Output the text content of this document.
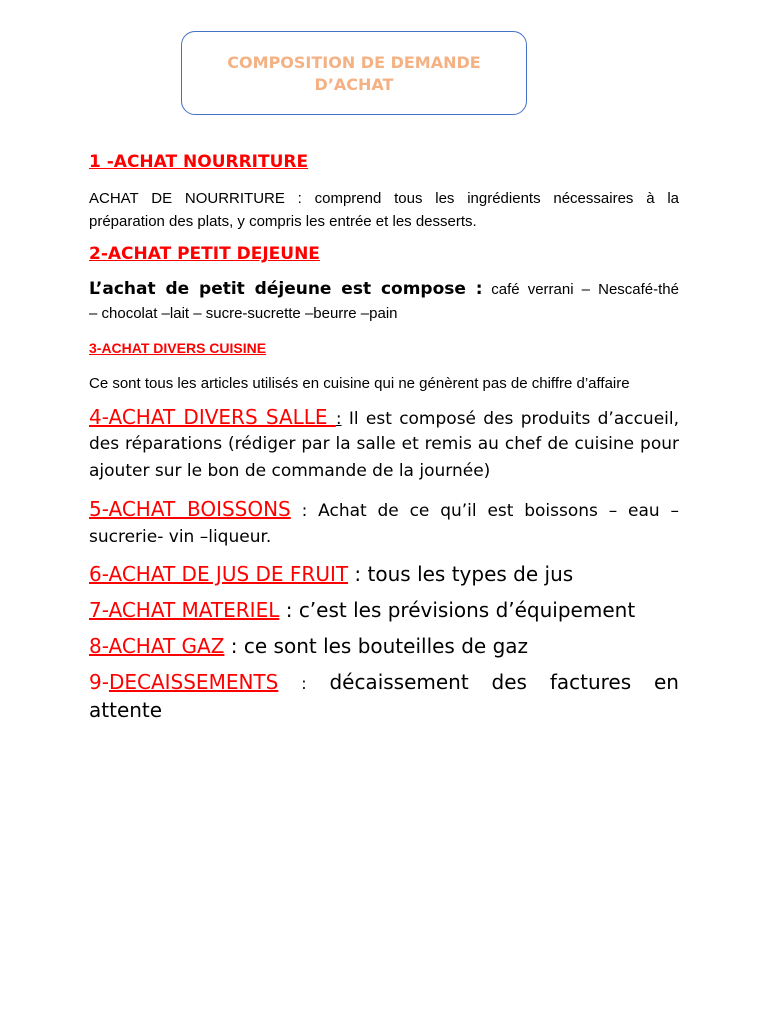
COMPOSITION DE DEMANDE
D’ACHAT
1 -ACHAT NOURRITURE
ACHAT DE NOURRITURE : comprend tous les ingrédients nécessaires à la
préparation des plats, y compris les entrée et les desserts.
2-ACHAT PETIT DEJEUNE
L’achat de petit déjeune est compose : café verrani – Nescafé-thé
– chocolat –lait – sucre-sucrette –beurre –pain
3-ACHAT DIVERS CUISINE
Ce sont tous les articles utilisés en cuisine qui ne génèrent pas de chiffre d’affaire
4-ACHAT DIVERS SALLE : Il est composé des produits d’accueil,
des réparations (rédiger par la salle et remis au chef de cuisine pour
ajouter sur le bon de commande de la journée)
5-ACHAT BOISSONS : Achat de ce qu’il est boissons – eau –
sucrerie- vin –liqueur.
6-ACHAT DE JUS DE FRUIT : tous les types de jus
7-ACHAT MATERIEL : c’est les prévisions d’équipement
8-ACHAT GAZ : ce sont les bouteilles de gaz
9-DECAISSEMENTS : décaissement des factures en
attente
